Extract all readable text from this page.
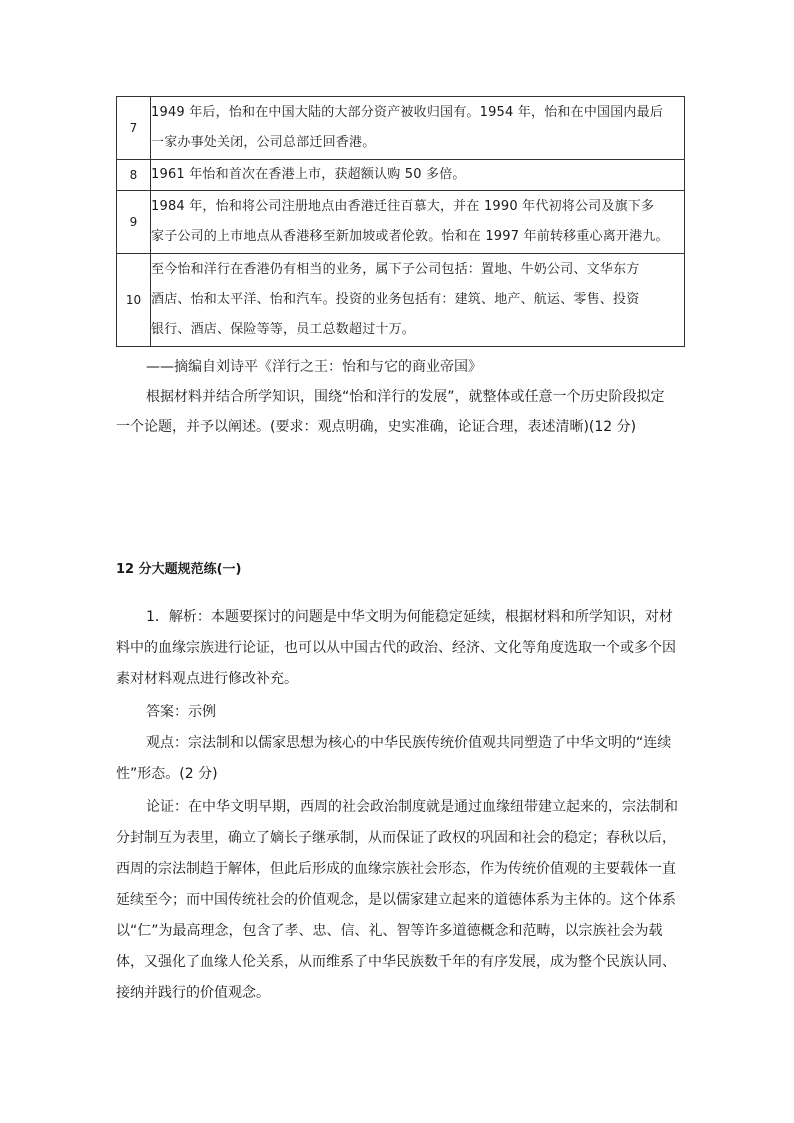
7	1949 年后，怡和在中国大陆的大部分资产被收归国有。1954 年，怡和在中国国内最后
一家办事处关闭，公司总部迁回香港。

8	1961 年怡和首次在香港上市，获超额认购 50 多倍。

9	1984 年，怡和将公司注册地点由香港迁往百慕大，并在 1990 年代初将公司及旗下多
家子公司的上市地点从香港移至新加坡或者伦敦。怡和在 1997 年前转移重心离开港九。

10	至今怡和洋行在香港仍有相当的业务，属下子公司包括：置地、牛奶公司、文华东方
酒店、怡和太平洋、怡和汽车。投资的业务包括有：建筑、地产、航运、零售、投资
银行、酒店、保险等等，员工总数超过十万。
——摘编自刘诗平《洋行之王：怡和与它的商业帝国》
根据材料并结合所学知识，围绕“怡和洋行的发展”，就整体或任意一个历史阶段拟定
一个论题，并予以阐述。(要求：观点明确，史实准确，论证合理，表述清晰)(12 分)
12 分大题规范练(一)
1．解析：本题要探讨的问题是中华文明为何能稳定延续，根据材料和所学知识，对材
料中的血缘宗族进行论证，也可以从中国古代的政治、经济、文化等角度选取一个或多个因
素对材料观点进行修改补充。
答案：示例
观点：宗法制和以儒家思想为核心的中华民族传统价值观共同塑造了中华文明的“连续
性”形态。(2 分)
论证：在中华文明早期，西周的社会政治制度就是通过血缘纽带建立起来的，宗法制和
分封制互为表里，确立了嫡长子继承制，从而保证了政权的巩固和社会的稳定；春秋以后，
西周的宗法制趋于解体，但此后形成的血缘宗族社会形态，作为传统价值观的主要载体一直
延续至今；而中国传统社会的价值观念，是以儒家建立起来的道德体系为主体的。这个体系
以“仁”为最高理念，包含了孝、忠、信、礼、智等许多道德概念和范畴，以宗族社会为载
体，又强化了血缘人伦关系，从而维系了中华民族数千年的有序发展，成为整个民族认同、
接纳并践行的价值观念。
